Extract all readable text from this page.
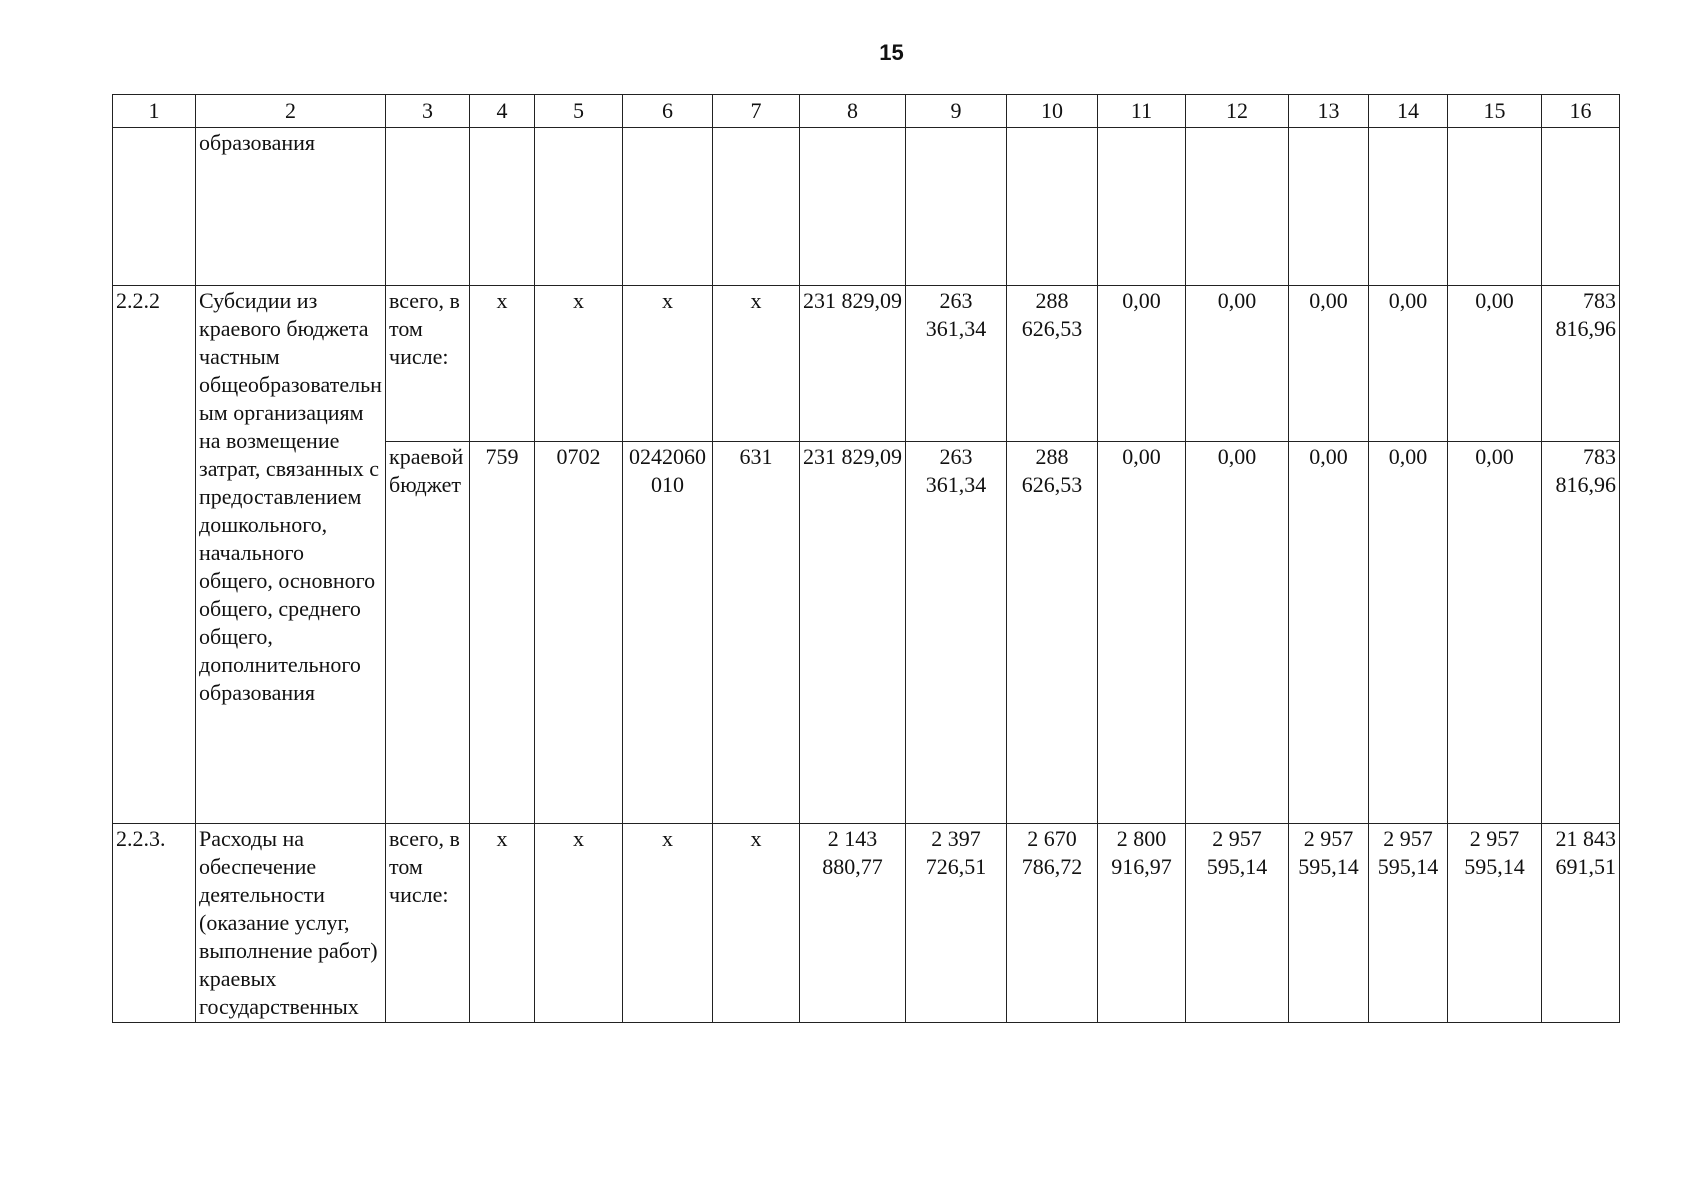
15
1	2	3	4	5	6	7	8	9	10	11	12	13	14	15	16
	образования														
2.2.2	Субсидии из краевого бюджета частным общеобразовательным организациям на возмещение затрат, связанных с предоставлением дошкольного, начального общего, основного общего, среднего общего, дополнительного образования	всего, в том числе:	х	х	х	х	231 829,09	263 361,34	288 626,53	0,00	0,00	0,00	0,00	0,00	783 816,96
		краевой бюджет	759	0702	0242060010	631	231 829,09	263 361,34	288 626,53	0,00	0,00	0,00	0,00	0,00	783 816,96
2.2.3.	Расходы на обеспечение деятельности (оказание услуг, выполнение работ) краевых государственных	всего, в том числе:	х	х	х	х	2 143 880,77	2 397 726,51	2 670 786,72	2 800 916,97	2 957 595,14	2 957 595,14	2 957 595,14	2 957 595,14	21 843 691,51
